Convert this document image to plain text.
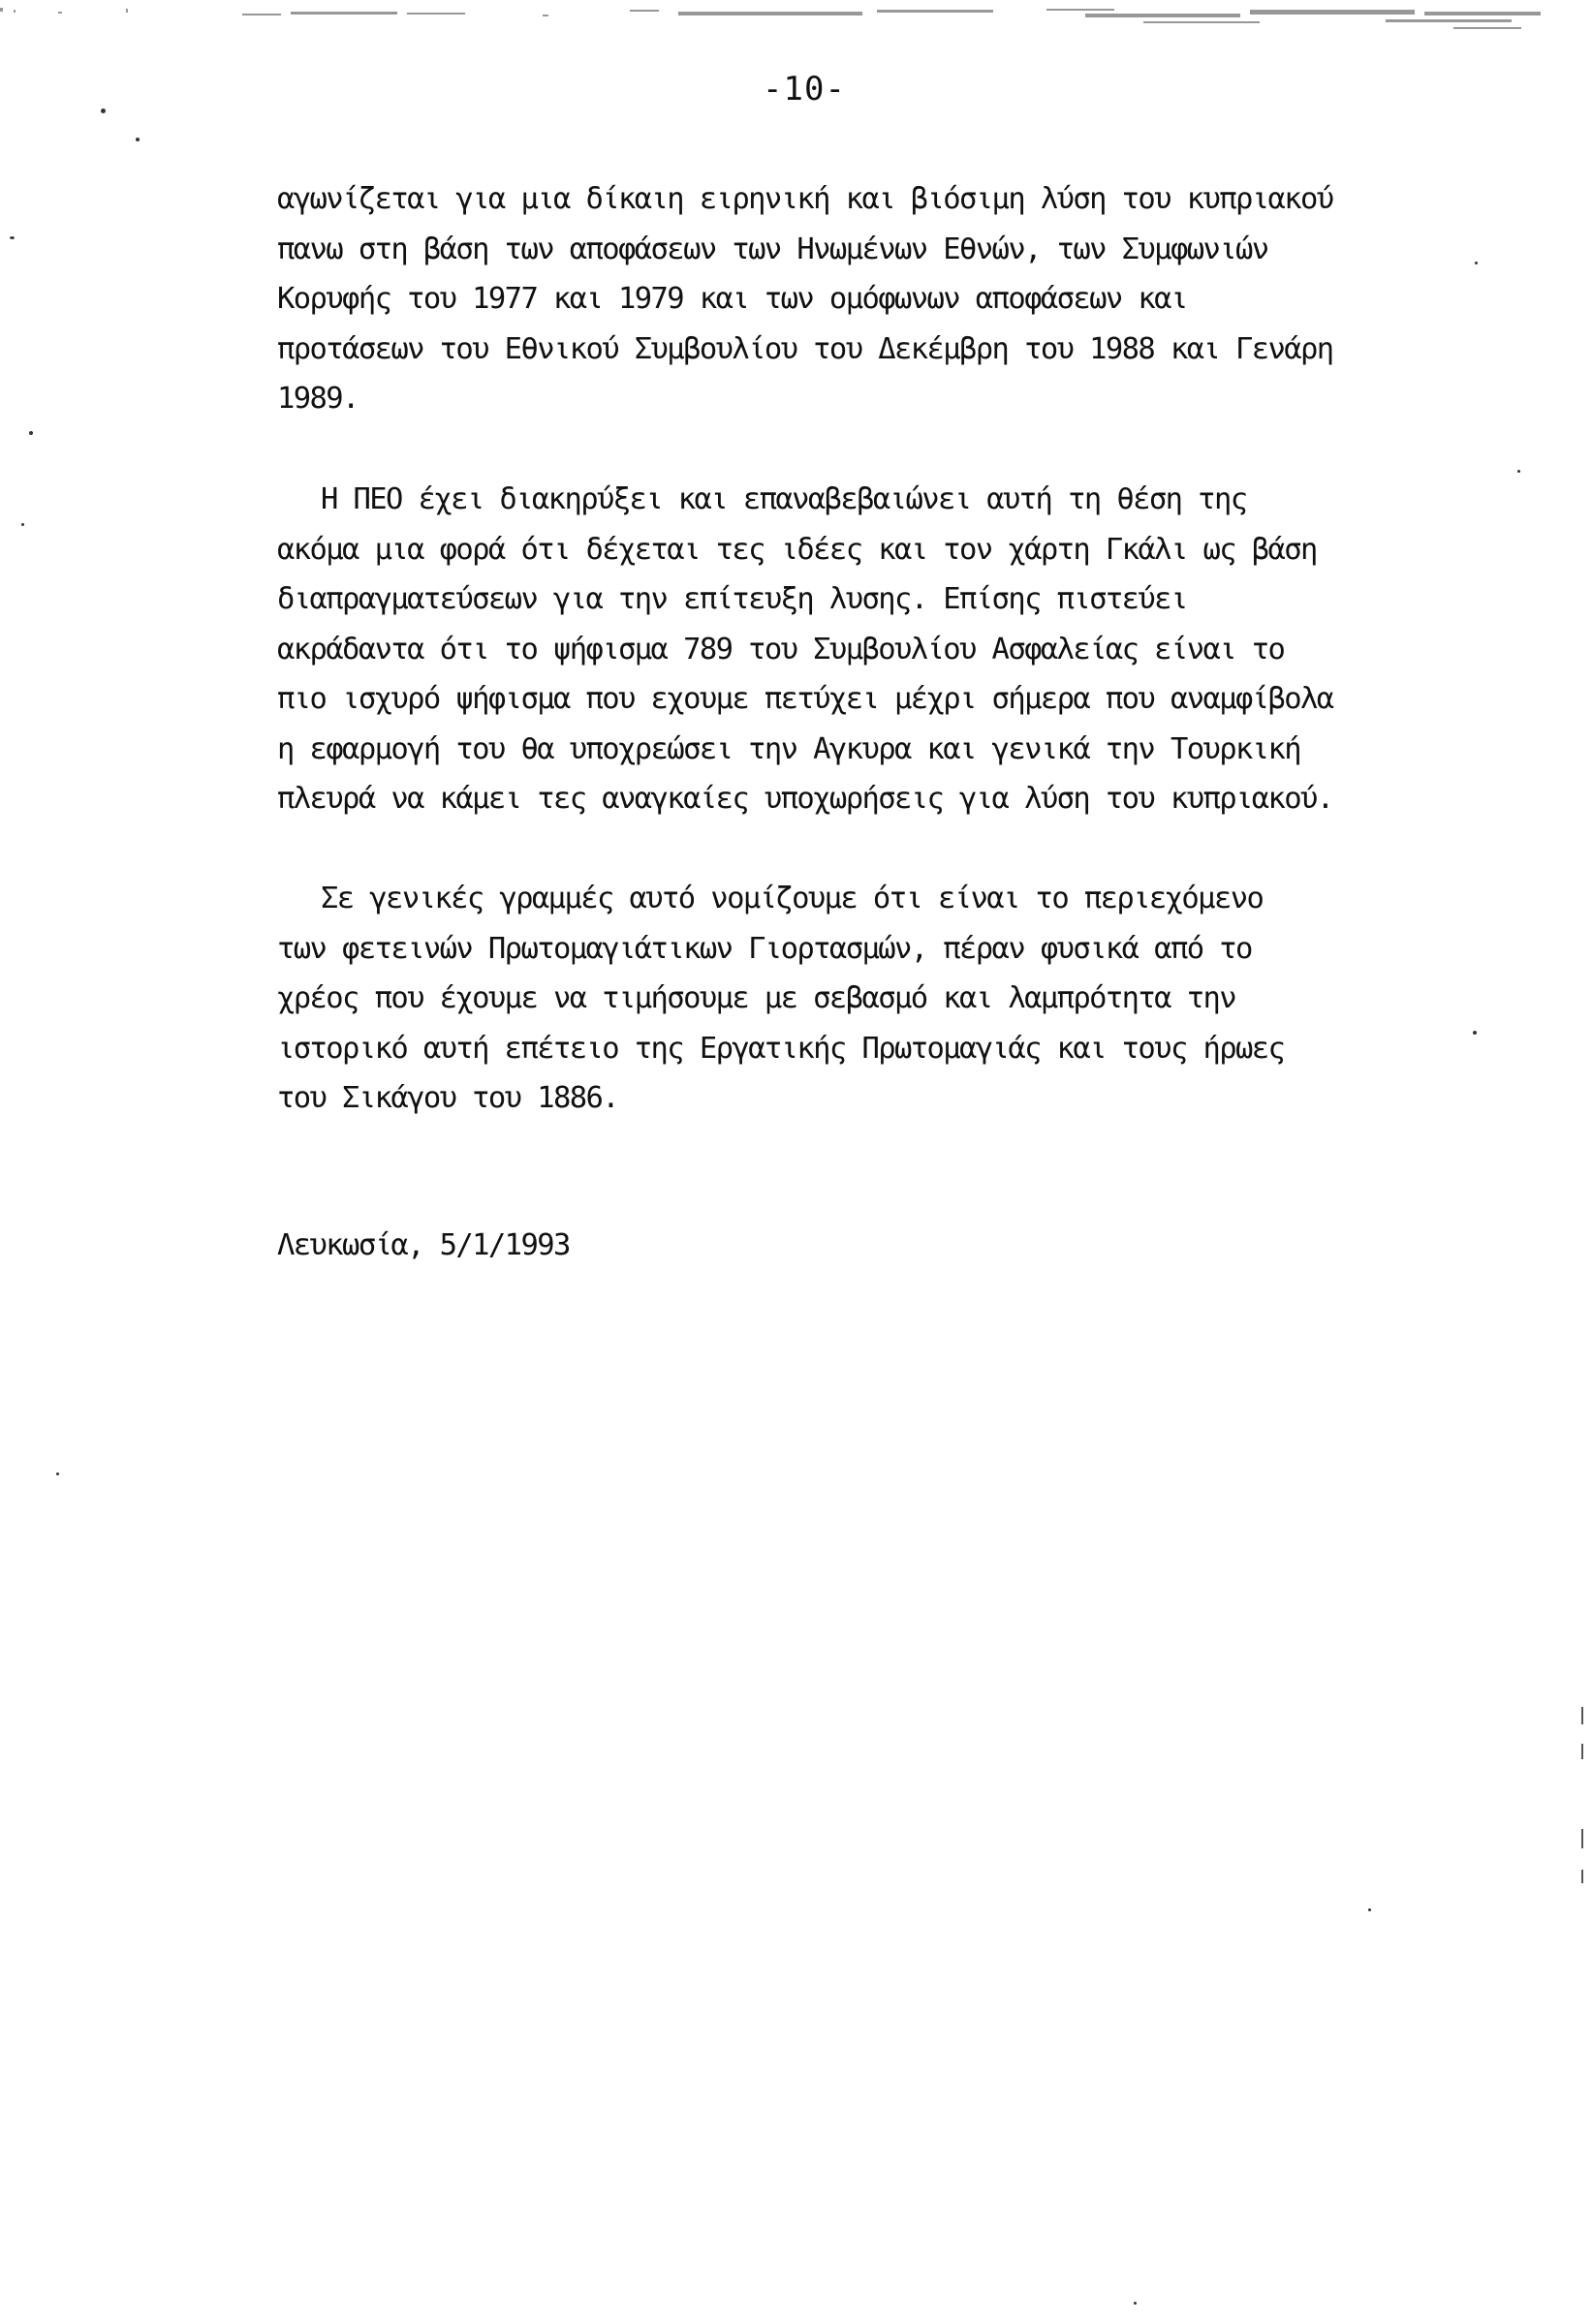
-10-
αγωνίζεται για μια δίκαιη ειρηνική και βιόσιμη λύση του κυπριακού
πανω στη βάση των αποφάσεων των Ηνωμένων Εθνών, των Συμφωνιών
Κορυφής του 1977 και 1979 και των ομόφωνων αποφάσεων και
προτάσεων του Εθνικού Συμβουλίου του Δεκέμβρη του 1988 και Γενάρη
1989.
Η ΠΕΟ έχει διακηρύξει και επαναβεβαιώνει αυτή τη θέση της
ακόμα μια φορά ότι δέχεται τες ιδέες και τον χάρτη Γκάλι ως βάση
διαπραγματεύσεων για την επίτευξη λυσης. Επίσης πιστεύει
ακράδαντα ότι το ψήφισμα 789 του Συμβουλίου Ασφαλείας είναι το
πιο ισχυρό ψήφισμα που εχουμε πετύχει μέχρι σήμερα που αναμφίβολα
η εφαρμογή του θα υποχρεώσει την Αγκυρα και γενικά την Τουρκική
πλευρά να κάμει τες αναγκαίες υποχωρήσεις για λύση του κυπριακού.
Σε γενικές γραμμές αυτό νομίζουμε ότι είναι το περιεχόμενο
των φετεινών Πρωτομαγιάτικων Γιορτασμών, πέραν φυσικά από το
χρέος που έχουμε να τιμήσουμε με σεβασμό και λαμπρότητα την
ιστορικό αυτή επέτειο της Εργατικής Πρωτομαγιάς και τους ήρωες
του Σικάγου του 1886.
Λευκωσία, 5/1/1993
